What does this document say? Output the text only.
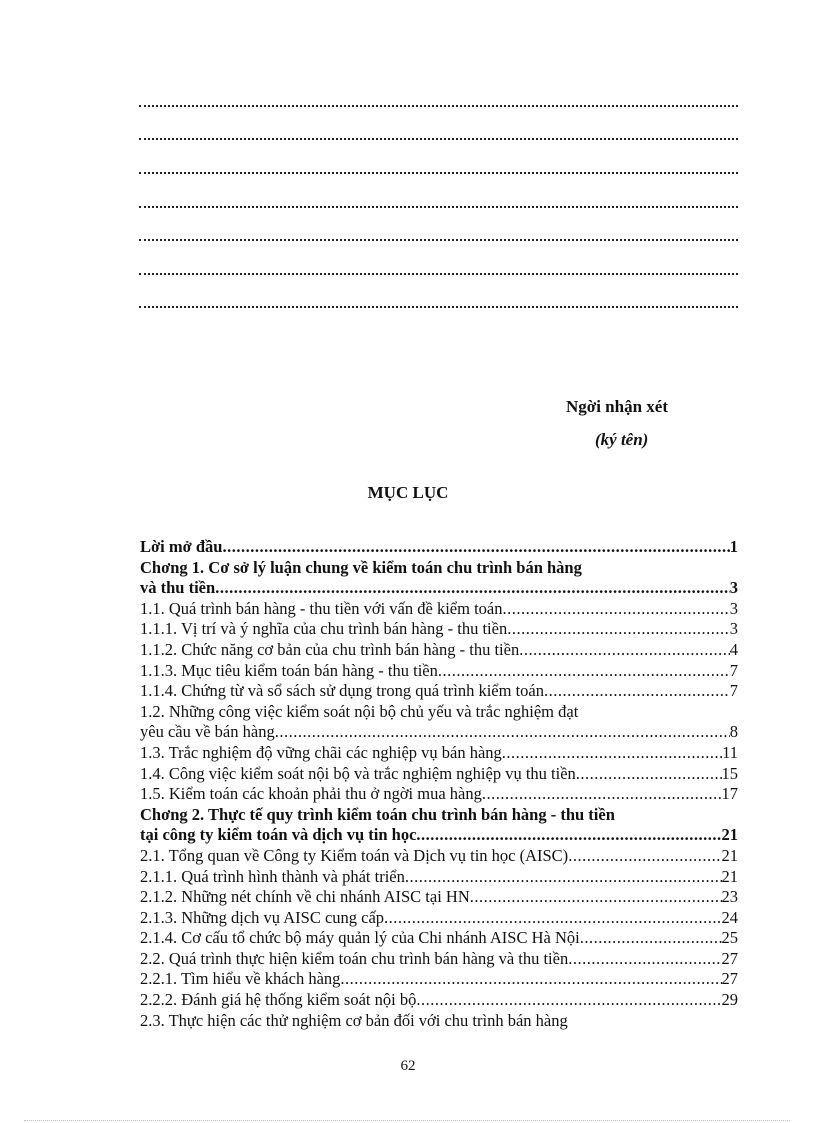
Ngời nhận xét
(ký tên)
MỤC LỤC
Lời mở đầu .....	1
Chơng 1. Cơ sở lý luận chung về kiểm toán chu trình bán hàng
và thu tiền .....	3
1.1. Quá trình bán hàng - thu tiền với vấn đề kiểm toán .....	3
1.1.1. Vị trí và ý nghĩa của chu trình bán hàng - thu tiền .....	3
1.1.2. Chức năng cơ bản của chu trình bán hàng - thu tiền .....	4
1.1.3. Mục tiêu kiểm toán bán hàng - thu tiền .....	7
1.1.4. Chứng từ và sổ sách sử dụng trong quá trình kiểm toán .....	7
1.2. Những công việc kiểm soát nội bộ chủ yếu và trắc nghiệm đạt
yêu cầu về bán hàng .....	8
1.3. Trắc nghiệm độ vững chãi các nghiệp vụ bán hàng .....	11
1.4. Công việc kiểm soát nội bộ và trắc nghiệm nghiệp vụ thu tiền .....	15
1.5. Kiểm toán các khoản phải thu ở ngời mua hàng .....	17
Chơng 2. Thực tế quy trình kiểm toán chu trình bán hàng - thu tiền
tại công ty kiểm toán và dịch vụ tin học .....	21
2.1. Tổng quan về Công ty Kiểm toán và Dịch vụ tin học (AISC) .....	21
2.1.1. Quá trình hình thành và phát triển .....	21
2.1.2. Những nét chính về chi nhánh AISC tại HN .....	23
2.1.3. Những dịch vụ AISC cung cấp .....	24
2.1.4. Cơ cấu tổ chức bộ máy quản lý của Chi nhánh AISC Hà Nội .....	25
2.2. Quá trình thực hiện kiểm toán chu trình bán hàng và thu tiền .....	27
2.2.1. Tìm hiểu về khách hàng .....	27
2.2.2. Đánh giá hệ thống kiểm soát nội bộ .....	29
2.3. Thực hiện các thử nghiệm cơ bản đối với chu trình bán hàng
62
